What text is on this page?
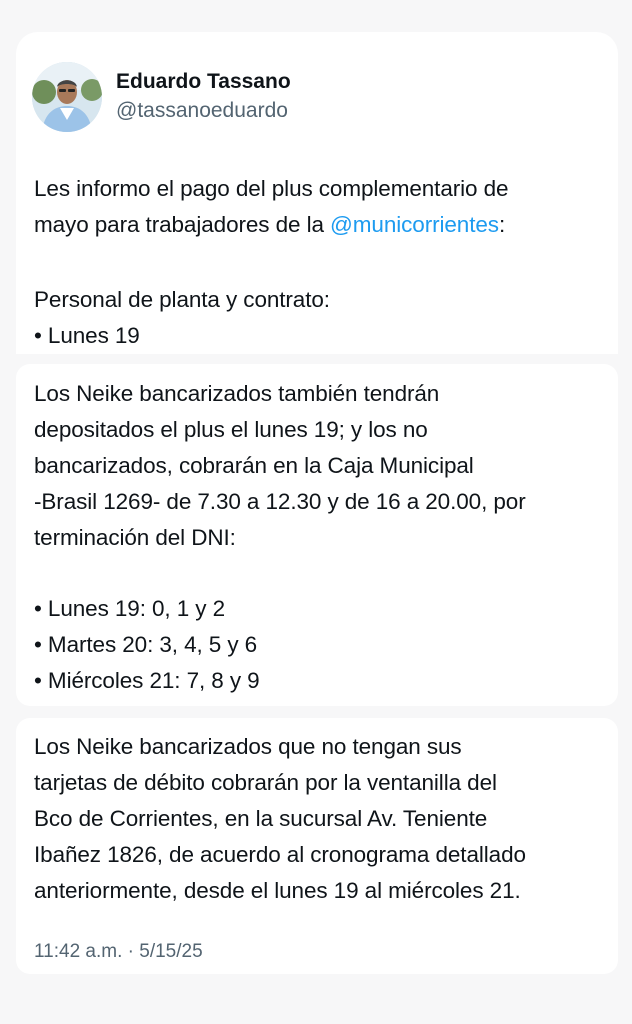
Eduardo Tassano
@tassanoeduardo
Les informo el pago del plus complementario de
mayo para trabajadores de la @municorrientes:
Personal de planta y contrato:
• Lunes 19
Los Neike bancarizados también tendrán
depositados el plus el lunes 19; y los no
bancarizados, cobrarán en la Caja Municipal
-Brasil 1269- de 7.30 a 12.30 y de 16 a 20.00, por
terminación del DNI:
• Lunes 19: 0, 1 y 2
• Martes 20: 3, 4, 5 y 6
• Miércoles 21: 7, 8 y 9
Los Neike bancarizados que no tengan sus
tarjetas de débito cobrarán por la ventanilla del
Bco de Corrientes, en la sucursal Av. Teniente
Ibañez 1826, de acuerdo al cronograma detallado
anteriormente, desde el lunes 19 al miércoles 21.
11:42 a.m. · 5/15/25
